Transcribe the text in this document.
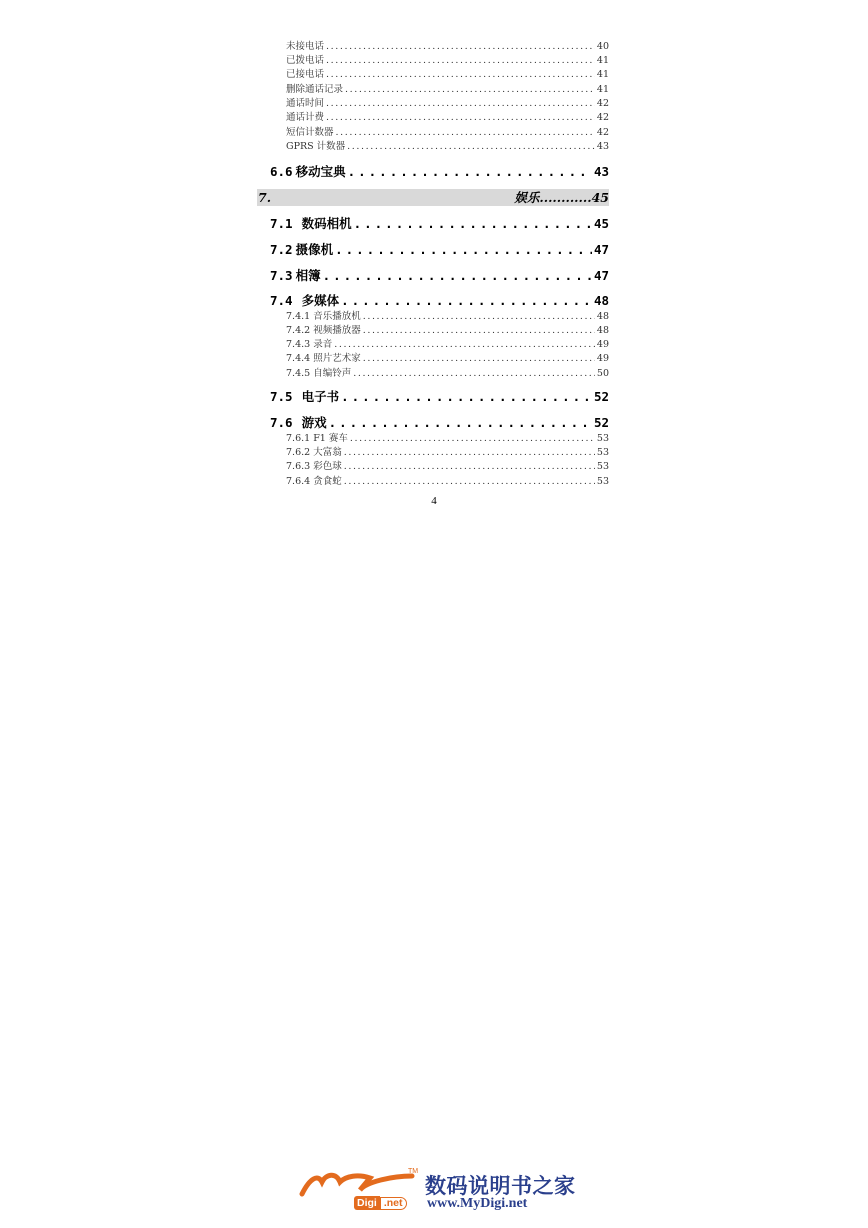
未接电话 .....	40
已拨电话 .....	41
已接电话 .....	41
删除通话记录 .....	41
通话时间 .....	42
通话计费 .....	42
短信计数器 .....	42
GPRS 计数器 .....	43
6.6 移动宝典 .....	43
7.	娱乐............45
7.1 数码相机 .....	45
7.2 摄像机 .....	47
7.3 相簿 .....	47
7.4 多媒体 .....	48
7.4.1 音乐播放机 .....	48
7.4.2 视频播放器 .....	48
7.4.3 录音 .....	49
7.4.4 照片艺术家 .....	49
7.4.5 自编铃声 .....	50
7.5 电子书 .....	52
7.6 游戏 .....	52
7.6.1 F1 赛车 .....	53
7.6.2 大富翁 .....	53
7.6.3 彩色球 .....	53
7.6.4 贪食蛇 .....	53
4
TM
Digi .net
数码说明书之家
www.MyDigi.net
